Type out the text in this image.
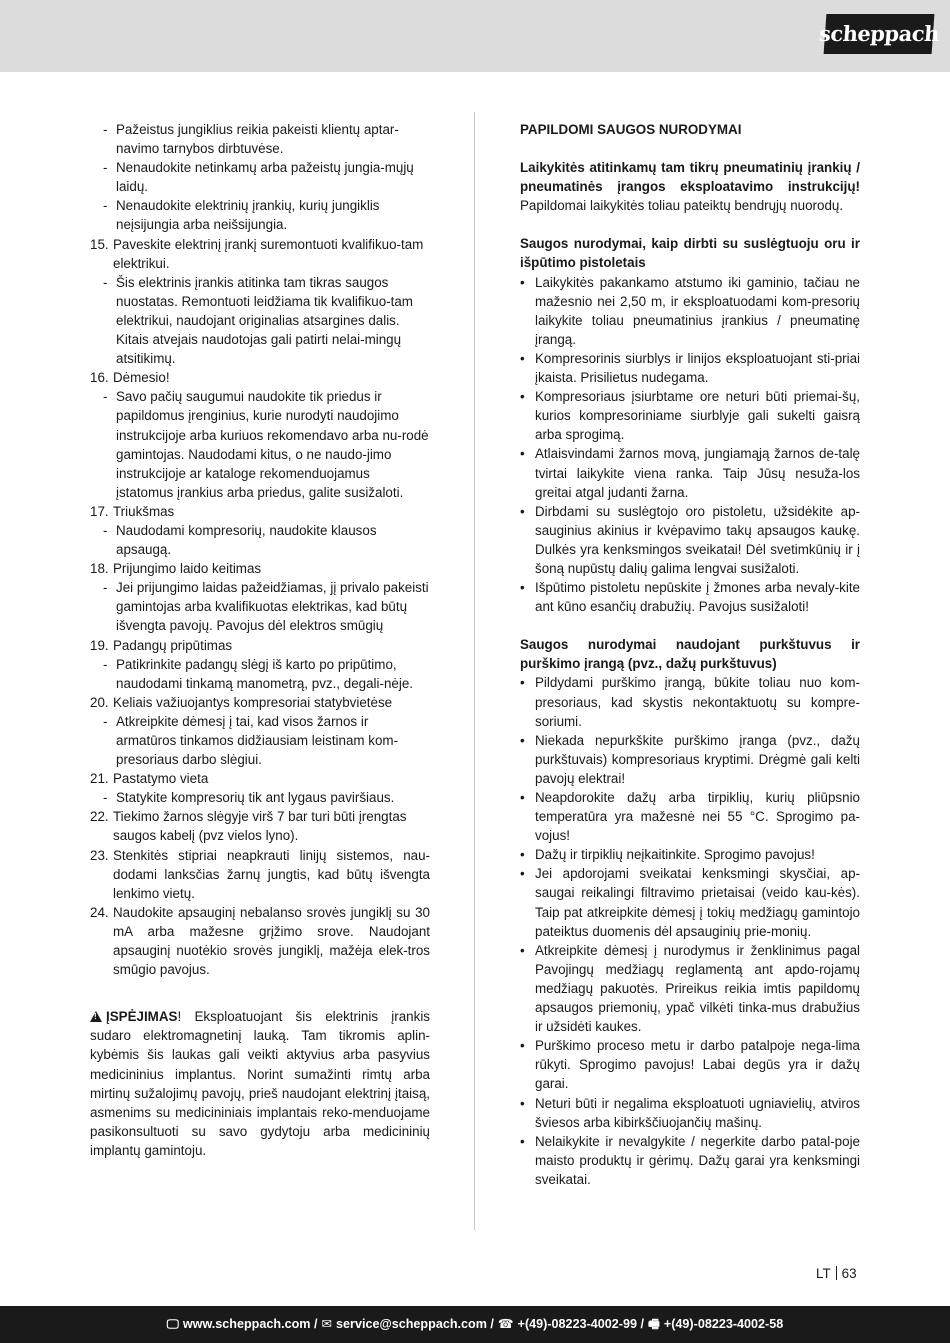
scheppach
- Pažeistus jungiklius reikia pakeisti klientų aptar-navimo tarnybos dirbtuvėse.
- Nenaudokite netinkamų arba pažeistų jungia-mųjų laidų.
- Nenaudokite elektrinių įrankių, kurių jungiklis neįsijungia arba neišsijungia.
15. Paveskite elektrinį įrankį suremontuoti kvalifikuo-tam elektrikui.
- Šis elektrinis įrankis atitinka tam tikras saugos nuostatas. Remontuoti leidžiama tik kvalifikuo-tam elektrikui, naudojant originalias atsargines dalis. Kitais atvejais naudotojas gali patirti nelai-mingų atsitikimų.
16. Dėmesio!
- Savo pačių saugumui naudokite tik priedus ir papildomus įrenginius, kurie nurodyti naudojimo instrukcijoje arba kuriuos rekomendavo arba nu-rodė gamintojas. Naudodami kitus, o ne naudo-jimo instrukcijoje ar kataloge rekomenduojamus įstatomus įrankius arba priedus, galite susižaloti.
17. Triukšmas
- Naudodami kompresorių, naudokite klausos apsaugą.
18. Prijungimo laido keitimas
- Jei prijungimo laidas pažeidžiamas, jį privalo pakeisti gamintojas arba kvalifikuotas elektrikas, kad būtų išvengta pavojų. Pavojus dėl elektros smūgių
19. Padangų pripūtimas
- Patikrinkite padangų slėgį iš karto po pripūtimo, naudodami tinkamą manometrą, pvz., degali-nėje.
20. Keliais važiuojantys kompresoriai statybvietėse
- Atkreipkite dėmesį į tai, kad visos žarnos ir armatūros tinkamos didžiausiam leistinam kom-presoriaus darbo slėgiui.
21. Pastatymo vieta
- Statykite kompresorių tik ant lygaus paviršiaus.
22. Tiekimo žarnos slėgyje virš 7 bar turi būti įrengtas saugos kabelį (pvz vielos lyno).
23. Stenkitės stipriai neapkrauti linijų sistemos, nau-dodami lanksčias žarnų jungtis, kad būtų išvengta lenkimo vietų.
24. Naudokite apsauginį nebalanso srovės jungiklį su 30 mA arba mažesne grįžimo srove. Naudojant apsauginį nuotėkio srovės jungiklį, mažėja elek-tros smūgio pavojus.

!ĮSPĖJIMAS! Eksploatuojant šis elektrinis įrankis sudaro elektromagnetinį lauką. Tam tikromis aplin-kybėmis šis laukas gali veikti aktyvius arba pasyvius medicininius implantus. Norint sumažinti rimtų arba mirtinų sužalojimų pavojų, prieš naudojant elektrinį įtaisą, asmenims su medicininiais implantais reko-menduojame pasikonsultuoti su savo gydytoju arba medicininių implantų gamintoju.

PAPILDOMI SAUGOS NURODYMAI

Laikykitės atitinkamų tam tikrų pneumatinių įrankių / pneumatinės įrangos eksploatavimo instrukcijų! Papildomai laikykitės toliau pateiktų bendrųjų nuorodų.

Saugos nurodymai, kaip dirbti su suslėgtuoju oru ir išpūtimo pistoletais

• Laikykitės pakankamo atstumo iki gaminio, tačiau ne mažesnio nei 2,50 m, ir eksploatuodami kom-presorių laikykite toliau pneumatinius įrankius / pneumatinę įrangą.
• Kompresorinis siurblys ir linijos eksploatuojant sti-priai įkaista. Prisilietus nudegama.
• Kompresoriaus įsiurbtame ore neturi būti priemai-šų, kurios kompresoriniame siurblyje gali sukelti gaisrą arba sprogimą.
• Atlaisvindami žarnos movą, jungiamąją žarnos de-talę tvirtai laikykite viena ranka. Taip Jūsų nesuža-los greitai atgal judanti žarna.
• Dirbdami su suslėgtojo oro pistoletu, užsidėkite ap-sauginius akinius ir kvėpavimo takų apsaugos kaukę. Dulkės yra kenksmingos sveikatai! Dėl svetimkūnių ir į šoną nupūstų dalių galima lengvai susižaloti.
• Išpūtimo pistoletu nepūskite į žmones arba nevaly-kite ant kūno esančių drabužių. Pavojus susižaloti!

Saugos nurodymai naudojant purkštuvus ir purškimo įrangą (pvz., dažų purkštuvus)

• Pildydami purškimo įrangą, būkite toliau nuo kom-presoriaus, kad skystis nekontaktuotų su kompre-soriumi.
• Niekada nepurkškite purškimo įranga (pvz., dažų purkštuvais) kompresoriaus kryptimi. Drėgmė gali kelti pavojų elektrai!
• Neapdorokite dažų arba tirpiklių, kurių pliūpsnio temperatūra yra mažesnė nei 55 °C. Sprogimo pa-vojus!
• Dažų ir tirpiklių neįkaitinkite. Sprogimo pavojus!
• Jei apdorojami sveikatai kenksmingi skysčiai, ap-saugai reikalingi filtravimo prietaisai (veido kau-kės). Taip pat atkreipkite dėmesį į tokių medžiagų gamintojo pateiktus duomenis dėl apsauginių prie-monių.
• Atkreipkite dėmesį į nurodymus ir ženklinimus pagal Pavojingų medžiagų reglamentą ant apdo-rojamų medžiagų pakuotės. Prireikus reikia imtis papildomų apsaugos priemonių, ypač vilkėti tinka-mus drabužius ir užsidėti kaukes.
• Purškimo proceso metu ir darbo patalpoje nega-lima rūkyti. Sprogimo pavojus! Labai degūs yra ir dažų garai.
• Neturi būti ir negalima eksploatuoti ugniavielių, atviros šviesos arba kibirkščiuojančių mašinų.
• Nelaikykite ir nevalgykite / negerkite darbo patal-poje maisto produktų ir gėrimų. Dažų garai yra kenksmingi sveikatai.
LT 63
🖵︎ www.scheppach.com / ✉︎ service@scheppach.com / ☎︎ +(49)-08223-4002-99 / 🖷︎ +(49)-08223-4002-58
